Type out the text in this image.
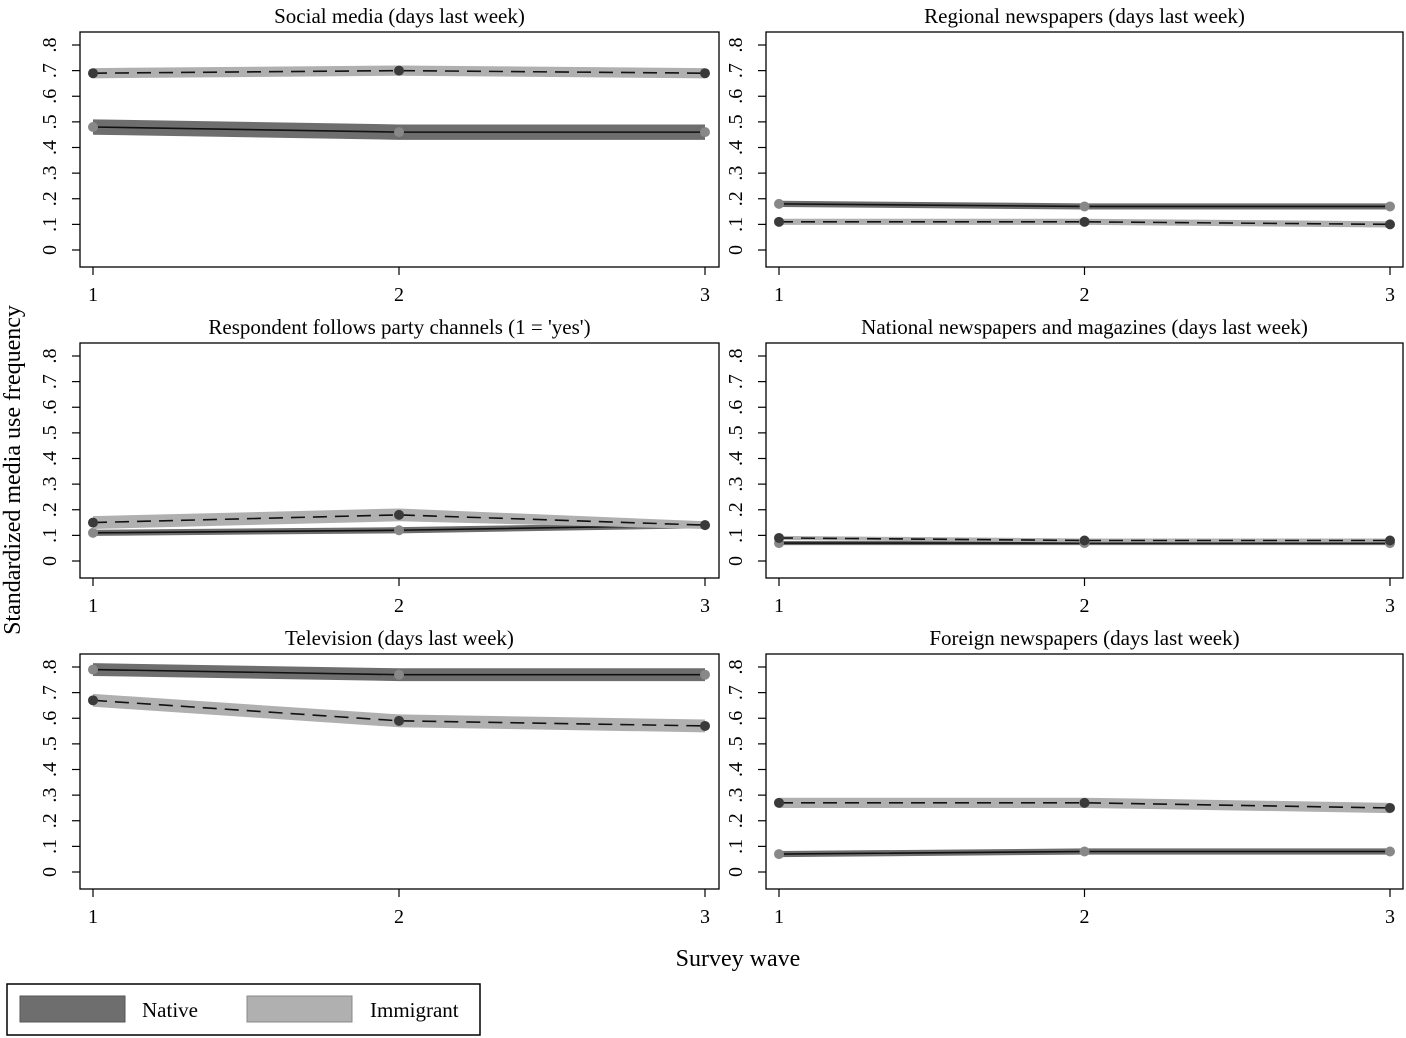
Social media (days last week)
0
.1
.2
.3
.4
.5
.6
.7
.8
1	2	3
Regional newspapers (days last week)
0
.1
.2
.3
.4
.5
.6
.7
.8
1	2	3
Respondent follows party channels (1 = 'yes')
0
.1
.2
.3
.4
.5
.6
.7
.8
1	2	3
National newspapers and magazines (days last week)
0
.1
.2
.3
.4
.5
.6
.7
.8
1	2	3
Television (days last week)
0
.1
.2
.3
.4
.5
.6
.7
.8
1	2	3
Foreign newspapers (days last week)
0
.1
.2
.3
.4
.5
.6
.7
.8
1	2	3
Standardized media use frequency
Survey wave
Native	Immigrant
